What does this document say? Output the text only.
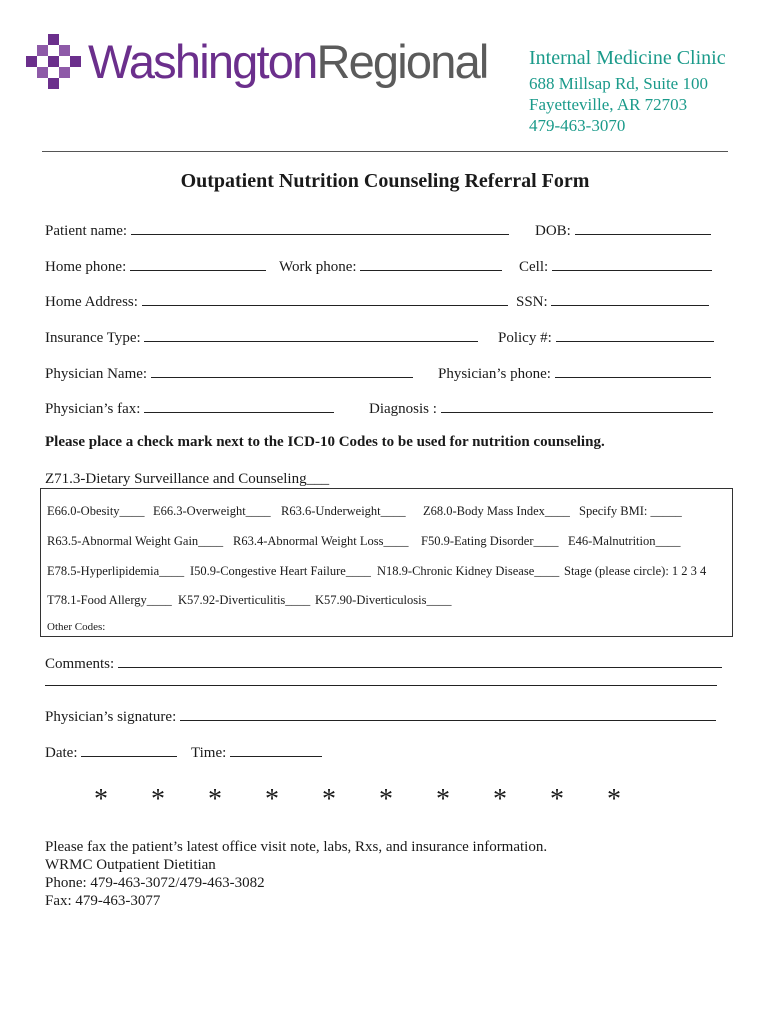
WashingtonRegional Internal Medicine Clinic
688 Millsap Rd, Suite 100
Fayetteville, AR 72703
479-463-3070
Outpatient Nutrition Counseling Referral Form
Patient name:	DOB:
Home phone:	Work phone:	Cell:
Home Address:	SSN:
Insurance Type:	Policy #:
Physician Name:	Physician’s phone:
Physician’s fax:	Diagnosis :
Please place a check mark next to the ICD-10 Codes to be used for nutrition counseling.
Z71.3-Dietary Surveillance and Counseling___
E66.0-Obesity____ E66.3-Overweight____ R63.6-Underweight____ Z68.0-Body Mass Index____ Specify BMI: _____
R63.5-Abnormal Weight Gain____ R63.4-Abnormal Weight Loss____ F50.9-Eating Disorder____ E46-Malnutrition____
E78.5-Hyperlipidemia____ I50.9-Congestive Heart Failure____ N18.9-Chronic Kidney Disease____ Stage (please circle): 1 2 3 4
T78.1-Food Allergy____ K57.92-Diverticulitis____ K57.90-Diverticulosis____
Other Codes:
Comments:
Physician’s signature:
Date:	Time:
* * * * * * * * * *
Please fax the patient’s latest office visit note, labs, Rxs, and insurance information.
WRMC Outpatient Dietitian
Phone: 479-463-3072/479-463-3082
Fax: 479-463-3077
